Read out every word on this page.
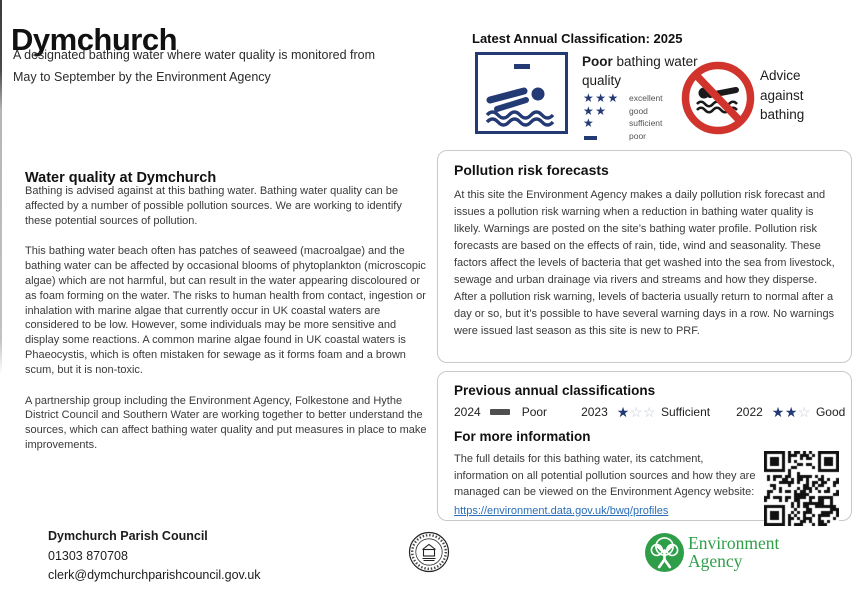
Dymchurch

A designated bathing water where water quality is monitored from May to September by the Environment Agency

Latest Annual Classification: 2025
Poor bathing water quality
★★★	excellent
★★	good
★	sufficient
poor
Advice against bathing
Water quality at Dymchurch

Bathing is advised against at this bathing water. Bathing water quality can be affected by a number of possible pollution sources. We are working to identify these potential sources of pollution.

This bathing water beach often has patches of seaweed (macroalgae) and the bathing water can be affected by occasional blooms of phytoplankton (microscopic algae) which are not harmful, but can result in the water appearing discoloured or as foam forming on the water. The risks to human health from contact, ingestion or inhalation with marine algae that currently occur in UK coastal waters are considered to be low. However, some individuals may be more sensitive and display some reactions. A common marine algae found in UK coastal waters is Phaeocystis, which is often mistaken for sewage as it forms foam and a brown scum, but it is non-toxic.

A partnership group including the Environment Agency, Folkestone and Hythe District Council and Southern Water are working together to better understand the sources, which can affect bathing water quality and put measures in place to make improvements.

Pollution risk forecasts

At this site the Environment Agency makes a daily pollution risk forecast and issues a pollution risk warning when a reduction in bathing water quality is likely. Warnings are posted on the site’s bathing water profile. Pollution risk forecasts are based on the effects of rain, tide, wind and seasonality. These factors affect the levels of bacteria that get washed into the sea from livestock, sewage and urban drainage via rivers and streams and how they disperse. After a pollution risk warning, levels of bacteria usually return to normal after a day or so, but it’s possible to have several warning days in a row. No warnings were issued last season as this site is new to PRF.

Previous annual classifications
2024	Poor	2023 ★☆☆ Sufficient 2022 ★★☆ Good
For more information

The full details for this bathing water, its catchment, information on all potential pollution sources and how they are managed can be viewed on the Environment Agency website:
https://environment.data.gov.uk/bwq/profiles

Dymchurch Parish Council
01303 870708
clerk@dymchurchparishcouncil.gov.uk
Environment
Agency
